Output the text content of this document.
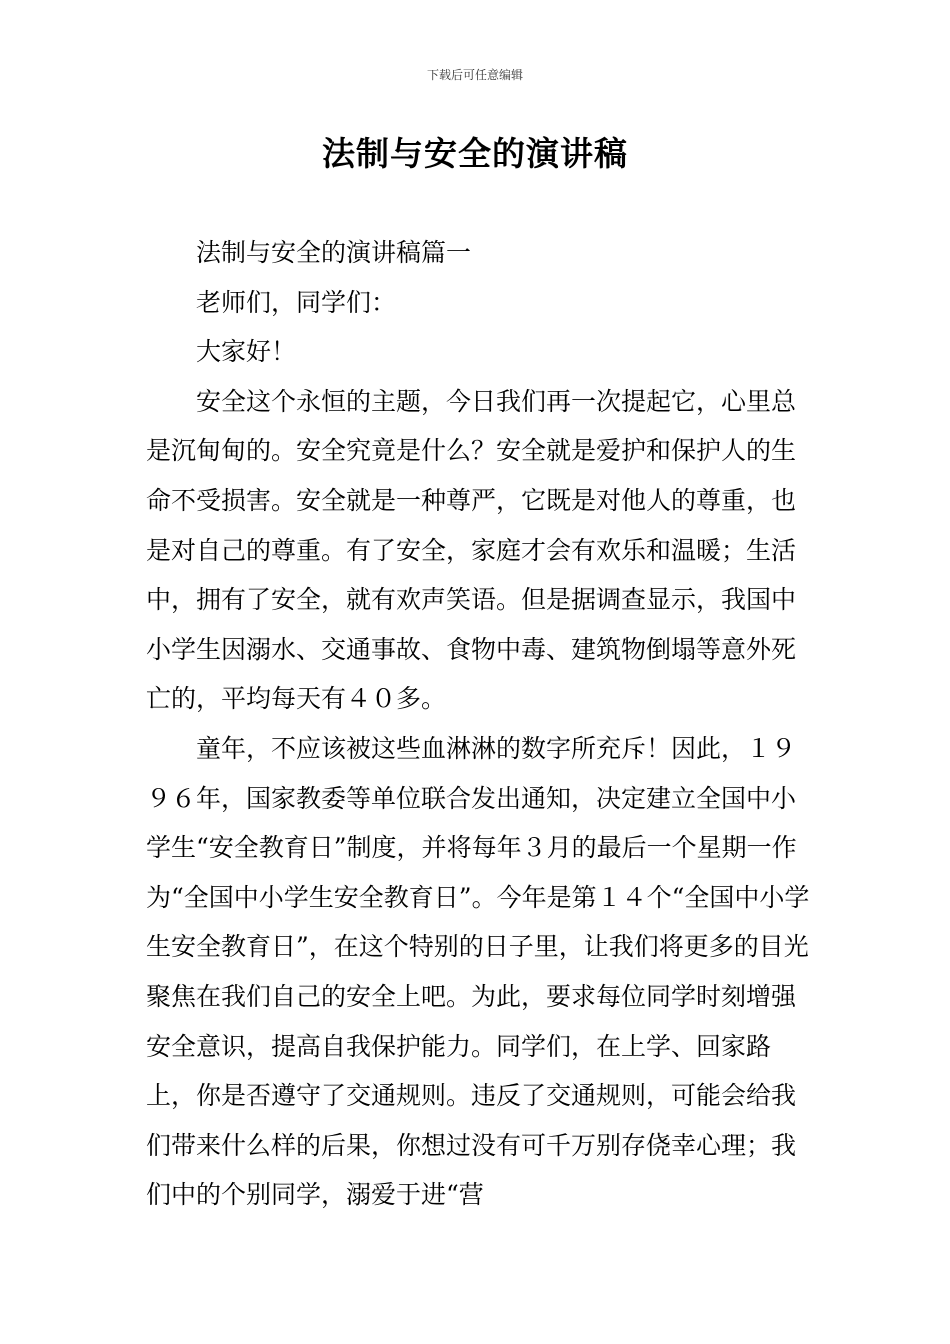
下载后可任意编辑
法制与安全的演讲稿

法制与安全的演讲稿篇一

老师们，同学们：

大家好！

安全这个永恒的主题，今日我们再一次提起它，心里总是沉甸甸的。安全究竟是什么？安全就是爱护和保护人的生命不受损害。安全就是一种尊严，它既是对他人的尊重，也是对自己的尊重。有了安全，家庭才会有欢乐和温暖；生活中，拥有了安全，就有欢声笑语。但是据调查显示，我国中小学生因溺水、交通事故、食物中毒、建筑物倒塌等意外死亡的，平均每天有４０多。

童年，不应该被这些血淋淋的数字所充斥！因此，１９９６年，国家教委等单位联合发出通知，决定建立全国中小学生“安全教育日”制度，并将每年３月的最后一个星期一作为“全国中小学生安全教育日”。今年是第１４个“全国中小学生安全教育日”，在这个特别的日子里，让我们将更多的目光聚焦在我们自己的安全上吧。为此，要求每位同学时刻增强安全意识，提高自我保护能力。同学们，在上学、回家路上，你是否遵守了交通规则。违反了交通规则，可能会给我们带来什么样的后果，你想过没有可千万别存侥幸心理；我们中的个别同学，溺爱于进“营
